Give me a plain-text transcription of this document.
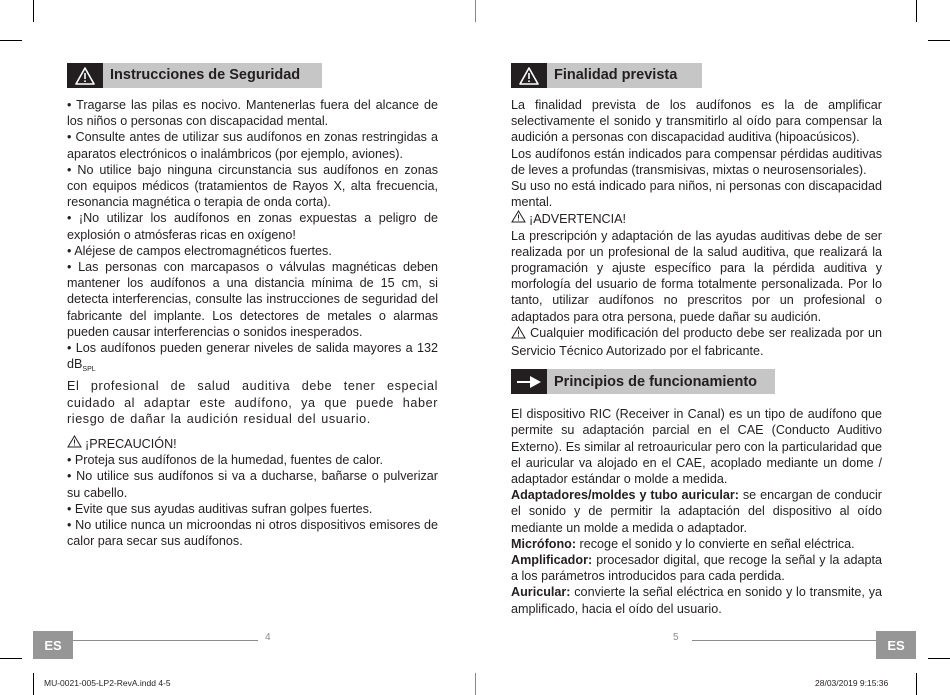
Instrucciones de Seguridad

• Tragarse las pilas es nocivo. Mantenerlas fuera del alcance de los niños o personas con discapacidad mental.

• Consulte antes de utilizar sus audífonos en zonas restringidas a aparatos electrónicos o inalámbricos (por ejemplo, aviones).

• No utilice bajo ninguna circunstancia sus audífonos en zonas con equipos médicos (tratamientos de Rayos X, alta frecuencia, resonancia magnética o terapia de onda corta).

• ¡No utilizar los audífonos en zonas expuestas a peligro de explosión o atmósferas ricas en oxígeno!

• Aléjese de campos electromagnéticos fuertes.

• Las personas con marcapasos o válvulas magnéticas deben mantener los audífonos a una distancia mínima de 15 cm, si detecta interferencias, consulte las instrucciones de seguridad del fabricante del implante. Los detectores de metales o alarmas pueden causar interferencias o sonidos inesperados.

• Los audífonos pueden generar niveles de salida mayores a 132 $dB_{SPL}$

El profesional de salud auditiva debe tener especial cuidado al adaptar este audífono, ya que puede haber riesgo de dañar la audición residual del usuario.

¡PRECAUCIÓN!

• Proteja sus audífonos de la humedad, fuentes de calor.

• No utilice sus audífonos si va a ducharse, bañarse o pulverizar su cabello.

• Evite que sus ayudas auditivas sufran golpes fuertes.

• No utilice nunca un microondas ni otros dispositivos emisores de calor para secar sus audífonos.

Finalidad prevista

La finalidad prevista de los audífonos es la de amplificar selectivamente el sonido y transmitirlo al oído para compensar la audición a personas con discapacidad auditiva (hipoacúsicos).

Los audífonos están indicados para compensar pérdidas auditivas de leves a profundas (transmisivas, mixtas o neurosensoriales).

Su uso no está indicado para niños, ni personas con discapacidad mental.

¡ADVERTENCIA!

La prescripción y adaptación de las ayudas auditivas debe de ser realizada por un profesional de la salud auditiva, que realizará la programación y ajuste específico para la pérdida auditiva y morfología del usuario de forma totalmente personalizada. Por lo tanto, utilizar audífonos no prescritos por un profesional o adaptados para otra persona, puede dañar su audición.

Cualquier modificación del producto debe ser realizada por un Servicio Técnico Autorizado por el fabricante.

Principios de funcionamiento

El dispositivo RIC (Receiver in Canal) es un tipo de audífono que permite su adaptación parcial en el CAE (Conducto Auditivo Externo). Es similar al retroauricular pero con la particularidad que el auricular va alojado en el CAE, acoplado mediante un dome / adaptador estándar o molde a medida.

Adaptadores/moldes y tubo auricular: se encargan de conducir el sonido y de permitir la adaptación del dispositivo al oído mediante un molde a medida o adaptador.

Micrófono: recoge el sonido y lo convierte en señal eléctrica.

Amplificador: procesador digital, que recoge la señal y la adapta a los parámetros introducidos para cada perdida.

Auricular: convierte la señal eléctrica en sonido y lo transmite, ya amplificado, hacia el oído del usuario.

ES	4	5	ES
MU-0021-005-LP2-RevA.indd 4-5	28/03/2019 9:15:36
